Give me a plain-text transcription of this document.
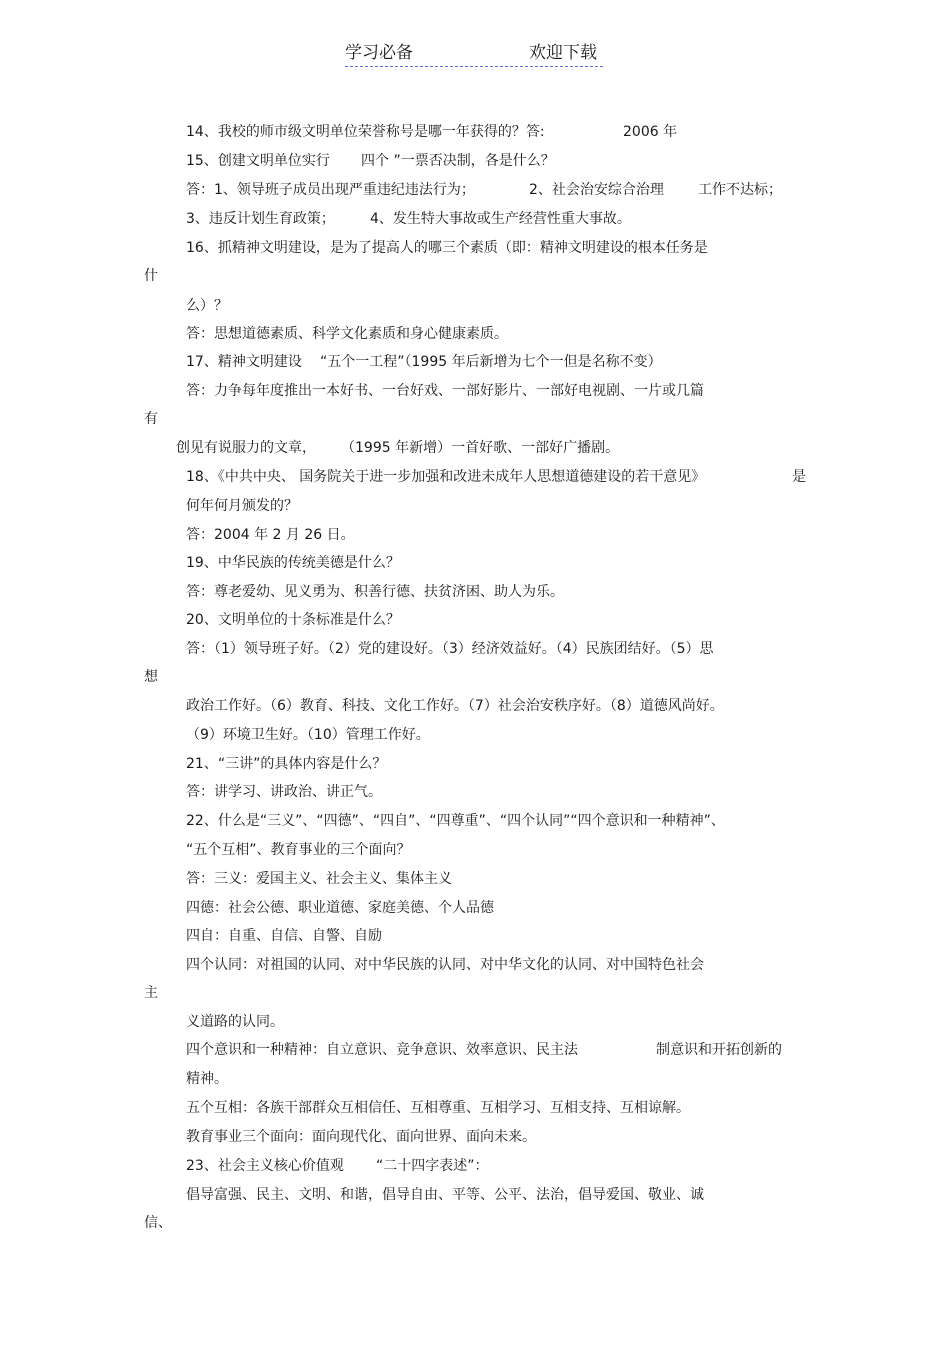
学习必备	欢迎下载
14、我校的师市级文明单位荣誉称号是哪一年获得的？答:	2006 年
15、创建文明单位实行 四个 ”一票否决制，各是什么？
答：1、领导班子成员出现严重违纪违法行为；	2、社会治安综合治理 工作不达标；
3、违反计划生育政策；	4、发生特大事故或生产经营性重大事故。
16、抓精神文明建设，是为了提高人的哪三个素质（即：精神文明建设的根本任务是
什
么）？
答：思想道德素质、科学文化素质和身心健康素质。
17、精神文明建设 “五个一工程”（1995 年后新增为七个一但是名称不变）
答：力争每年度推出一本好书、一台好戏、一部好影片、一部好电视剧、一片或几篇
有
创见有说服力的文章， （1995 年新增）一首好歌、一部好广播剧。
18、《中共中央、 国务院关于进一步加强和改进未成年人思想道德建设的若干意见》	是
何年何月颁发的？
答：2004 年 2 月 26 日。
19、中华民族的传统美德是什么？
答：尊老爱幼、见义勇为、积善行德、扶贫济困、助人为乐。
20、文明单位的十条标准是什么？
答：（1）领导班子好。（2）党的建设好。（3）经济效益好。（4）民族团结好。（5）思
想
政治工作好。（6）教育、科技、文化工作好。（7）社会治安秩序好。（8）道德风尚好。
（9）环境卫生好。（10）管理工作好。
21、“三讲”的具体内容是什么？
答：讲学习、讲政治、讲正气。
22、什么是“三义”、“四德”、“四自”、“四尊重”、“四个认同”“四个意识和一种精神”、
“五个互相”、教育事业的三个面向？
答：三义：爱国主义、社会主义、集体主义
四德：社会公德、职业道德、家庭美德、个人品德
四自：自重、自信、自警、自励
四个认同：对祖国的认同、对中华民族的认同、对中华文化的认同、对中国特色社会
主
义道路的认同。
四个意识和一种精神：自立意识、竞争意识、效率意识、民主法	制意识和开拓创新的
精神。
五个互相：各族干部群众互相信任、互相尊重、互相学习、互相支持、互相谅解。
教育事业三个面向：面向现代化、面向世界、面向未来。
23、社会主义核心价值观 “二十四字表述”：
倡导富强、民主、文明、和谐，倡导自由、平等、公平、法治，倡导爱国、敬业、诚
信、
